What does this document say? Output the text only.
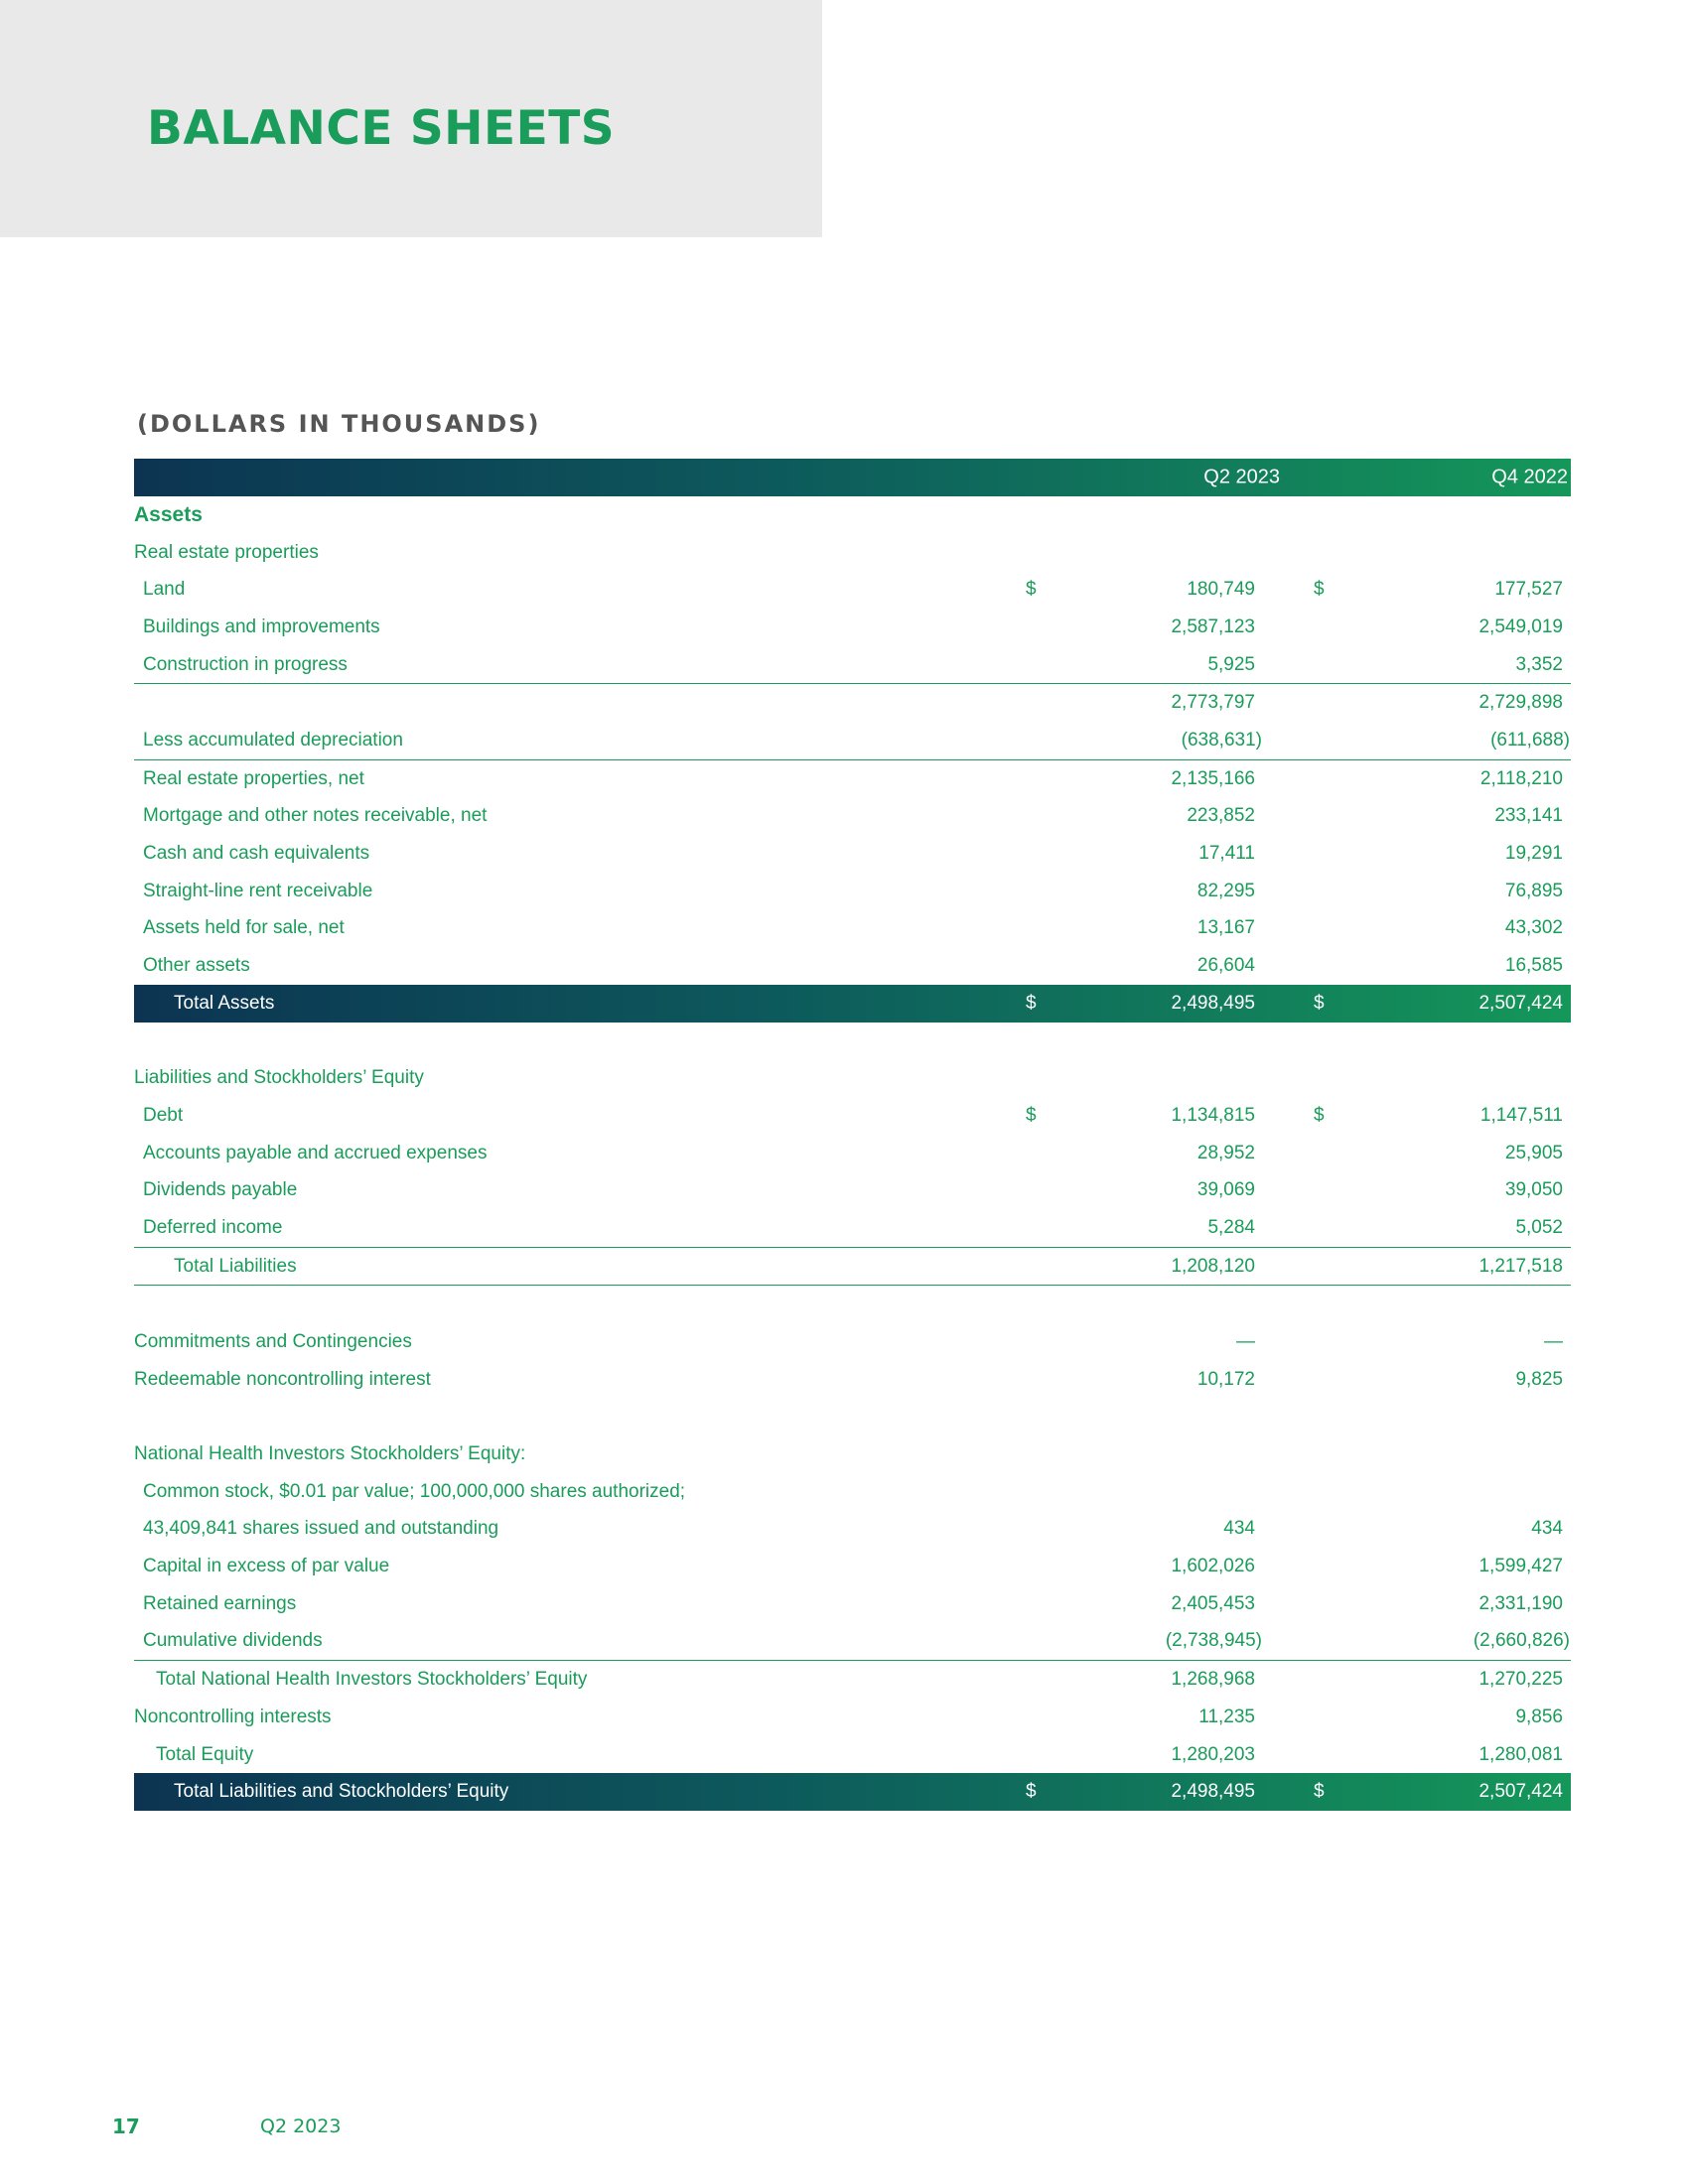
BALANCE SHEETS
(DOLLARS IN THOUSANDS)
Q2 2023	Q4 2022
Assets
Real estate properties
Land	$	180,749	$	177,527
Buildings and improvements	2,587,123	2,549,019
Construction in progress	5,925	3,352
2,773,797	2,729,898
Less accumulated depreciation	(638,631)	(611,688)
Real estate properties, net	2,135,166	2,118,210
Mortgage and other notes receivable, net	223,852	233,141
Cash and cash equivalents	17,411	19,291
Straight-line rent receivable	82,295	76,895
Assets held for sale, net	13,167	43,302
Other assets	26,604	16,585
Total Assets	$	2,498,495	$	2,507,424
Liabilities and Stockholders’ Equity
Debt	$	1,134,815	$	1,147,511
Accounts payable and accrued expenses	28,952	25,905
Dividends payable	39,069	39,050
Deferred income	5,284	5,052
Total Liabilities	1,208,120	1,217,518
Commitments and Contingencies	—	—
Redeemable noncontrolling interest	10,172	9,825
National Health Investors Stockholders’ Equity:
Common stock, $0.01 par value; 100,000,000 shares authorized;
43,409,841 shares issued and outstanding	434	434
Capital in excess of par value	1,602,026	1,599,427
Retained earnings	2,405,453	2,331,190
Cumulative dividends	(2,738,945)	(2,660,826)
Total National Health Investors Stockholders’ Equity	1,268,968	1,270,225
Noncontrolling interests	11,235	9,856
Total Equity	1,280,203	1,280,081
Total Liabilities and Stockholders’ Equity	$	2,498,495	$	2,507,424
17	Q2 2023
